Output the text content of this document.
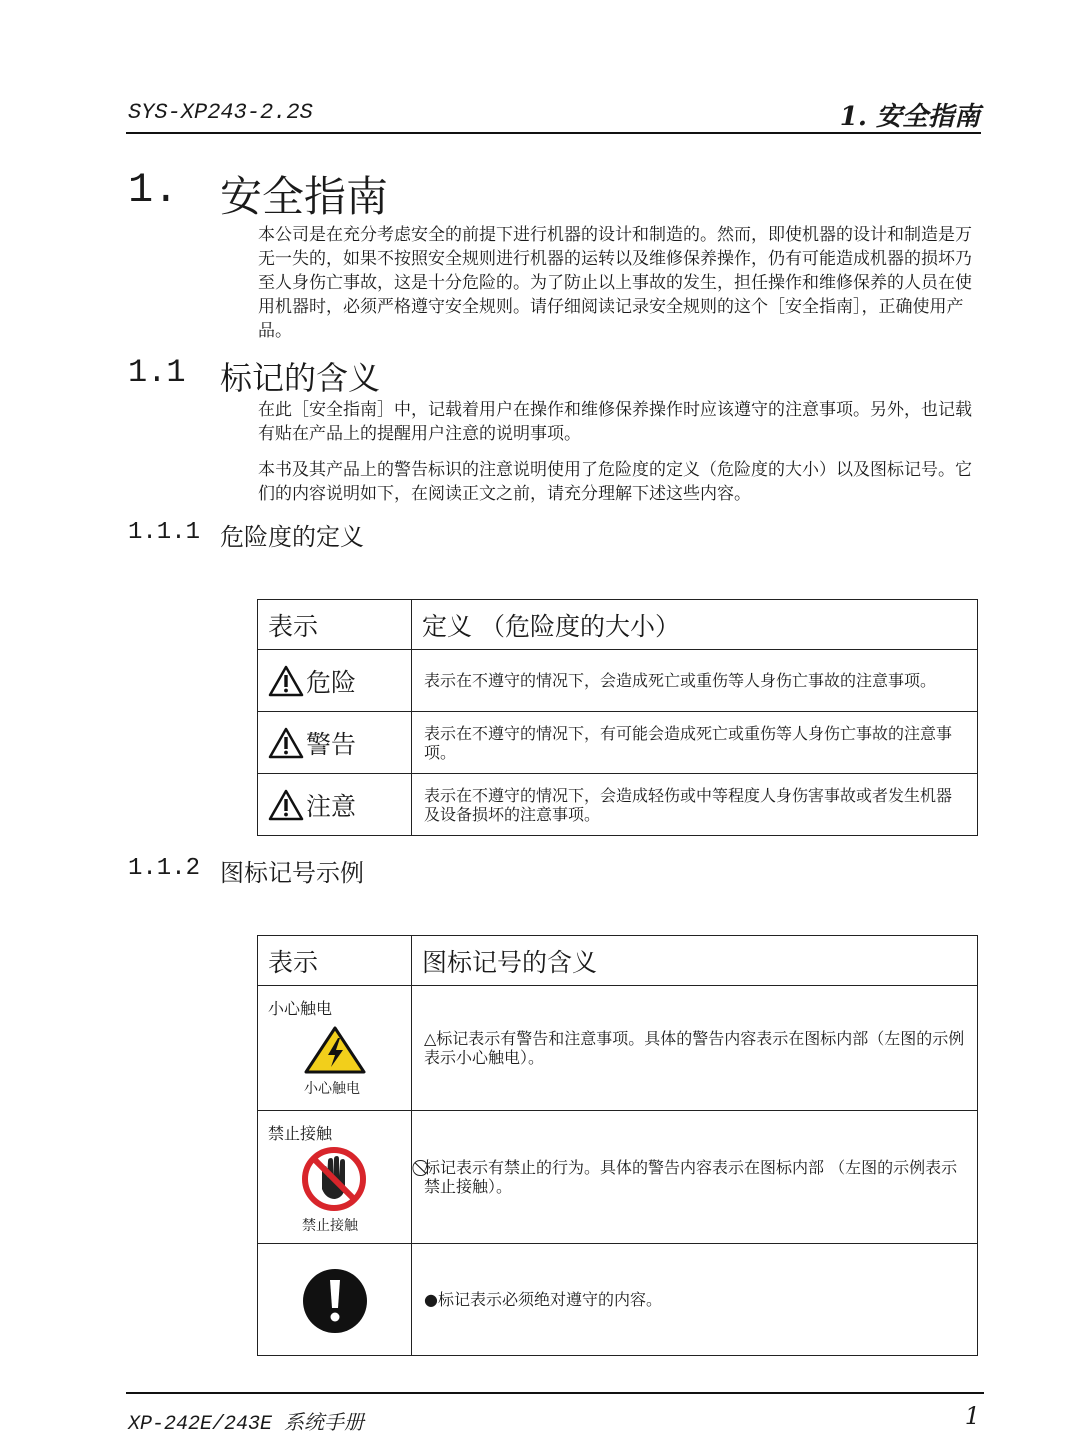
SYS-XP243-2.2S	1. 安全指南
1. 安全指南
本公司是在充分考虑安全的前提下进行机器的设计和制造的。然而，即使机器的设计和制造是万无一失的，如果不按照安全规则进行机器的运转以及维修保养操作，仍有可能造成机器的损坏乃至人身伤亡事故，这是十分危险的。为了防止以上事故的发生，担任操作和维修保养的人员在使用机器时，必须严格遵守安全规则。请仔细阅读记录安全规则的这个［安全指南］，正确使用产品。
1.1 标记的含义
在此［安全指南］中，记载着用户在操作和维修保养操作时应该遵守的注意事项。另外，也记载有贴在产品上的提醒用户注意的说明事项。
本书及其产品上的警告标识的注意说明使用了危险度的定义（危险度的大小）以及图标记号。它们的内容说明如下，在阅读正文之前，请充分理解下述这些内容。
1.1.1 危险度的定义
表示	定义 （危险度的大小）

危险	表示在不遵守的情况下，会造成死亡或重伤等人身伤亡事故的注意事项。

警告	表示在不遵守的情况下，有可能会造成死亡或重伤等人身伤亡事故的注意事项。

注意	表示在不遵守的情况下，会造成轻伤或中等程度人身伤害事故或者发生机器及设备损坏的注意事项。
1.1.2 图标记号示例
表示	图标记号的含义

小心触电
小心触电	△标记表示有警告和注意事项。具体的警告内容表示在图标内部（左图的示例表示小心触电）。

禁止接触
禁止接触	⃠标记表示有禁止的行为。具体的警告内容表示在图标内部 （左图的示例表示禁止接触）。

	●标记表示必须绝对遵守的内容。
XP-242E/243E 系统手册	1
